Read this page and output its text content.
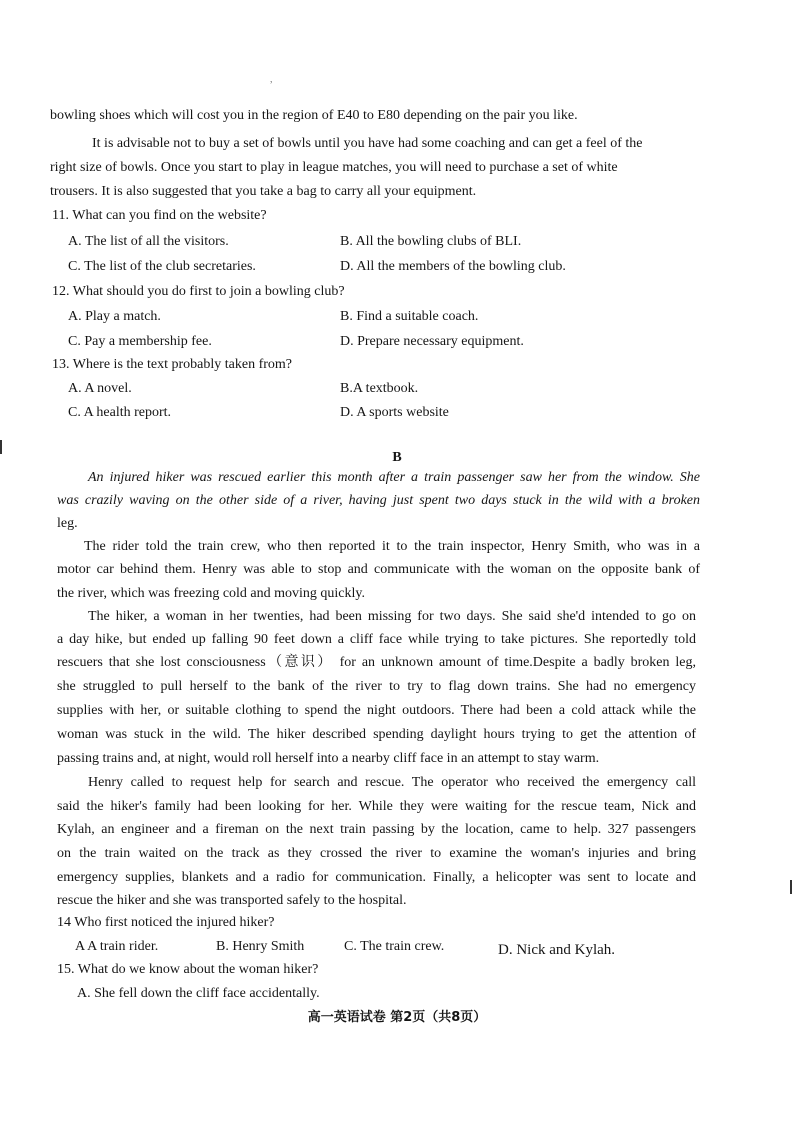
,
bowling shoes which will cost you in the region of E40 to E80 depending on the pair you like.
It is advisable not to buy a set of bowls until you have had some coaching and can get a feel of the
right size of bowls. Once you start to play in league matches, you will need to purchase a set of white
trousers. It is also suggested that you take a bag to carry all your equipment.
11. What can you find on the website?
A. The list of all the visitors.	B. All the bowling clubs of BLI.
C. The list of the club secretaries.	D. All the members of the bowling club.
12. What should you do first to join a bowling club?
A. Play a match.	B. Find a suitable coach.
C. Pay a membership fee.	D. Prepare necessary equipment.
13. Where is the text probably taken from?
A. A novel.	B.A textbook.
C. A health report.	D. A sports website
B
An injured hiker was rescued earlier this month after a train passenger saw her from the window. She
was crazily waving on the other side of a river, having just spent two days stuck in the wild with a broken
leg.
The rider told the train crew, who then reported it to the train inspector, Henry Smith, who was in a
motor car behind them. Henry was able to stop and communicate with the woman on the opposite bank of
the river, which was freezing cold and moving quickly.
The hiker, a woman in her twenties, had been missing for two days. She said she'd intended to go on
a day hike, but ended up falling 90 feet down a cliff face while trying to take pictures. She reportedly told
rescuers that she lost consciousness（意识） for an unknown amount of time.Despite a badly broken leg,
she struggled to pull herself to the bank of the river to try to flag down trains. She had no emergency
supplies with her, or suitable clothing to spend the night outdoors. There had been a cold attack while the
woman was stuck in the wild. The hiker described spending daylight hours trying to get the attention of
passing trains and, at night, would roll herself into a nearby cliff face in an attempt to stay warm.
Henry called to request help for search and rescue. The operator who received the emergency call
said the hiker's family had been looking for her. While they were waiting for the rescue team, Nick and
Kylah, an engineer and a fireman on the next train passing by the location, came to help. 327 passengers
on the train waited on the track as they crossed the river to examine the woman's injuries and bring
emergency supplies, blankets and a radio for communication. Finally, a helicopter was sent to locate and
rescue the hiker and she was transported safely to the hospital.
14 Who first noticed the injured hiker?
A A train rider.	B. Henry Smith	C. The train crew.	D. Nick and Kylah.
15. What do we know about the woman hiker?
A. She fell down the cliff face accidentally.
高一英语试卷 第2页（共8页）
